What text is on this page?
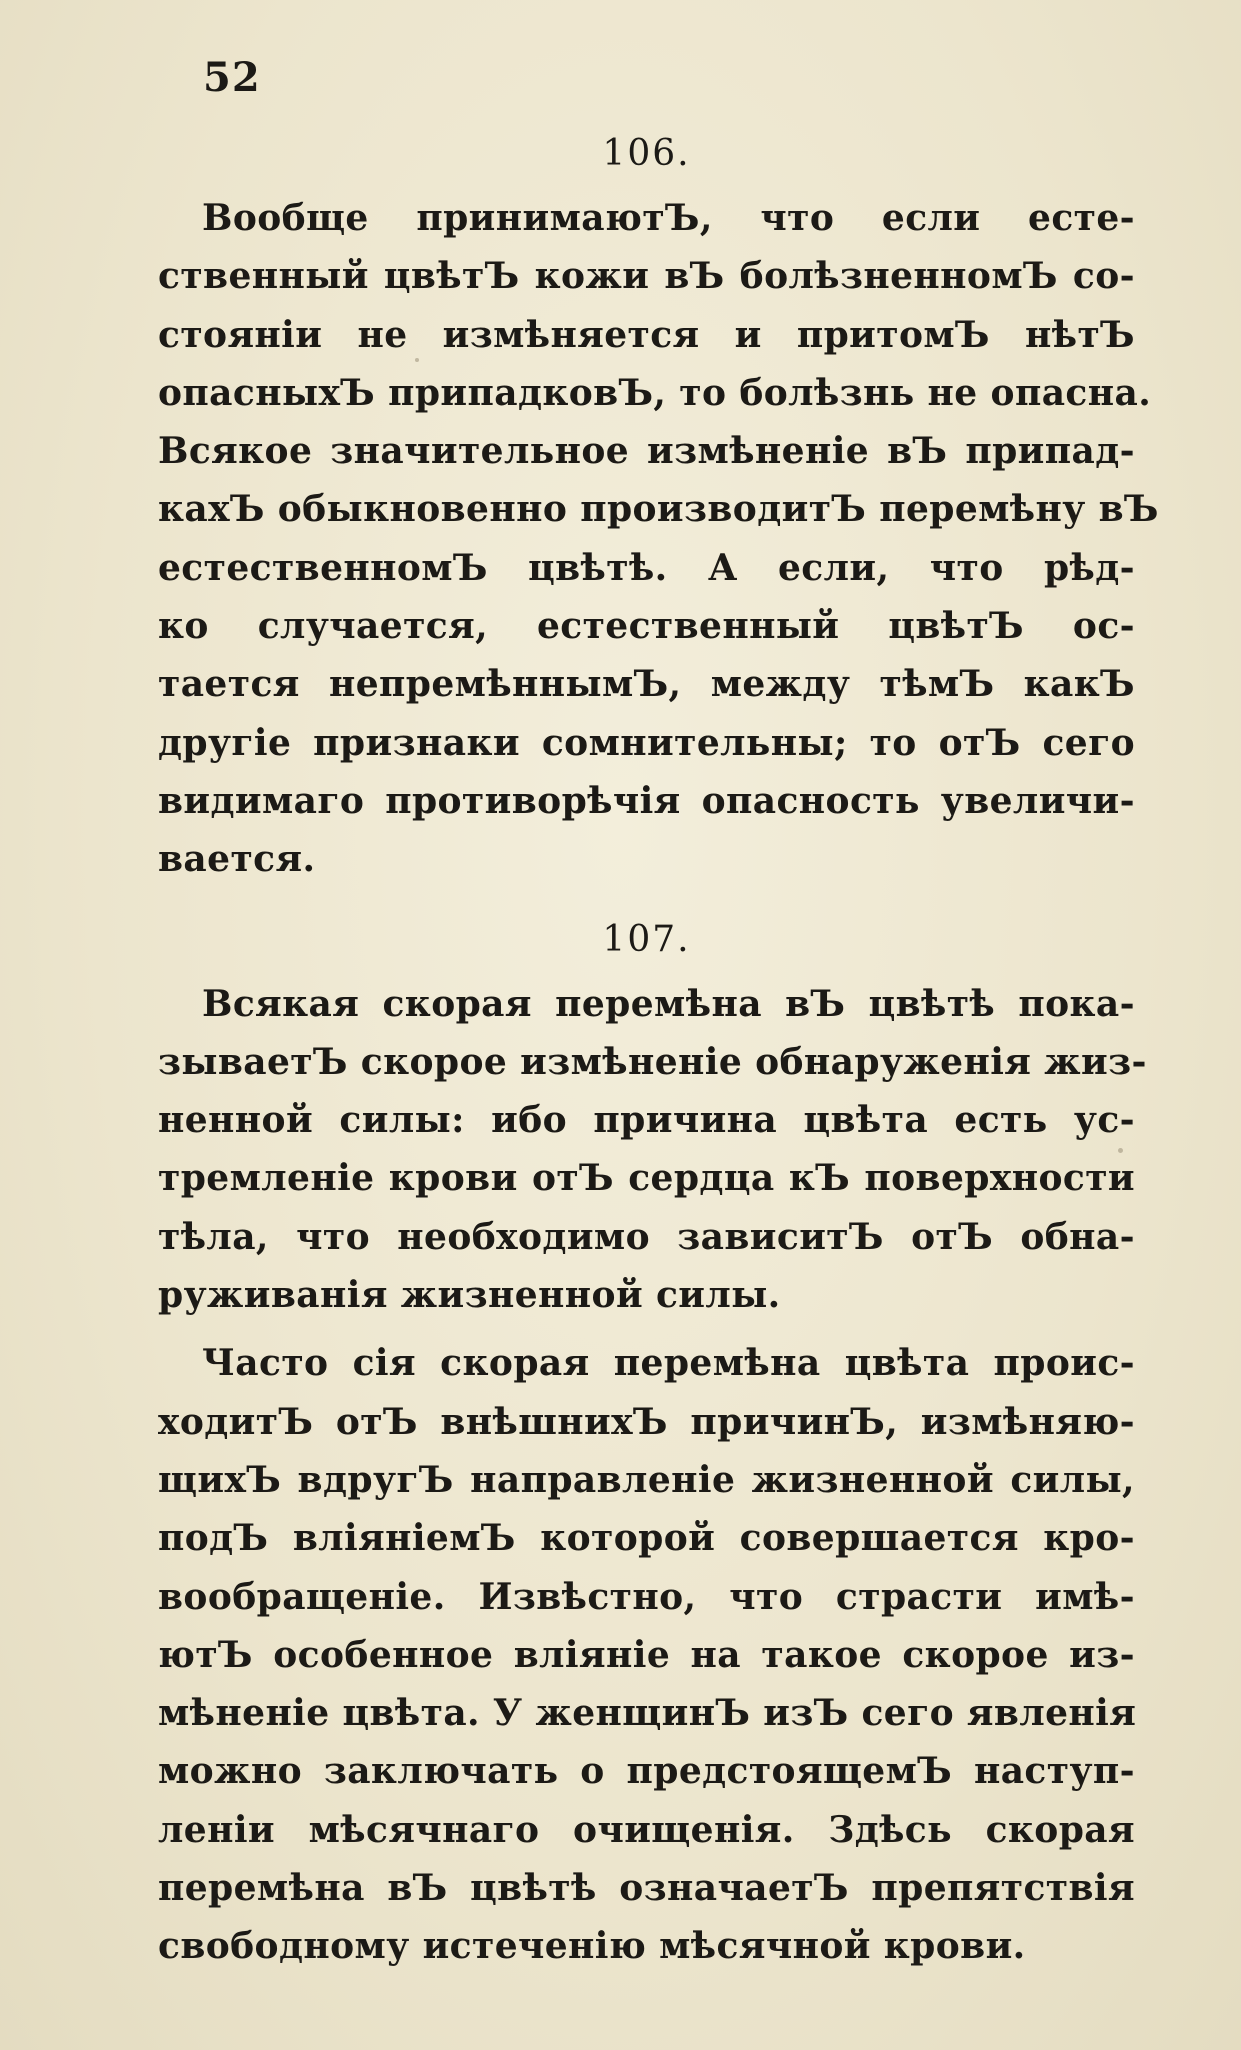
52
106.
Вообще принимаютЪ, что если есте-
ственный цвѣтЪ кожи вЪ болѣзненномЪ со-
стояніи не измѣняется и притомЪ нѣтЪ
опасныхЪ припадковЪ, то болѣзнь не опасна.
Всякое значительное измѣненіе вЪ припад-
кахЪ обыкновенно производитЪ перемѣну вЪ
естественномЪ цвѣтѣ. А если, что рѣд-
ко случается, естественный цвѣтЪ ос-
тается непремѣннымЪ, между тѣмЪ какЪ
другіе признаки сомнительны; то отЪ сего
видимаго противорѣчія опасность увеличи-
вается.
107.
Всякая скорая перемѣна вЪ цвѣтѣ пока-
зываетЪ скорое измѣненіе обнаруженія жиз-
ненной силы: ибо причина цвѣта есть ус-
тремленіе крови отЪ сердца кЪ поверхности
тѣла, что необходимо зависитЪ отЪ обна-
руживанія жизненной силы.
Часто сія скорая перемѣна цвѣта проис-
ходитЪ отЪ внѣшнихЪ причинЪ, измѣняю-
щихЪ вдругЪ направленіе жизненной силы,
подЪ вліяніемЪ которой совершается кро-
вообращеніе. Извѣстно, что страсти имѣ-
ютЪ особенное вліяніе на такое скорое из-
мѣненіе цвѣта. У женщинЪ изЪ сего явленія
можно заключать о предстоящемЪ наступ-
леніи мѣсячнаго очищенія. Здѣсь скорая
перемѣна вЪ цвѣтѣ означаетЪ препятствія
свободному истеченію мѣсячной крови.
